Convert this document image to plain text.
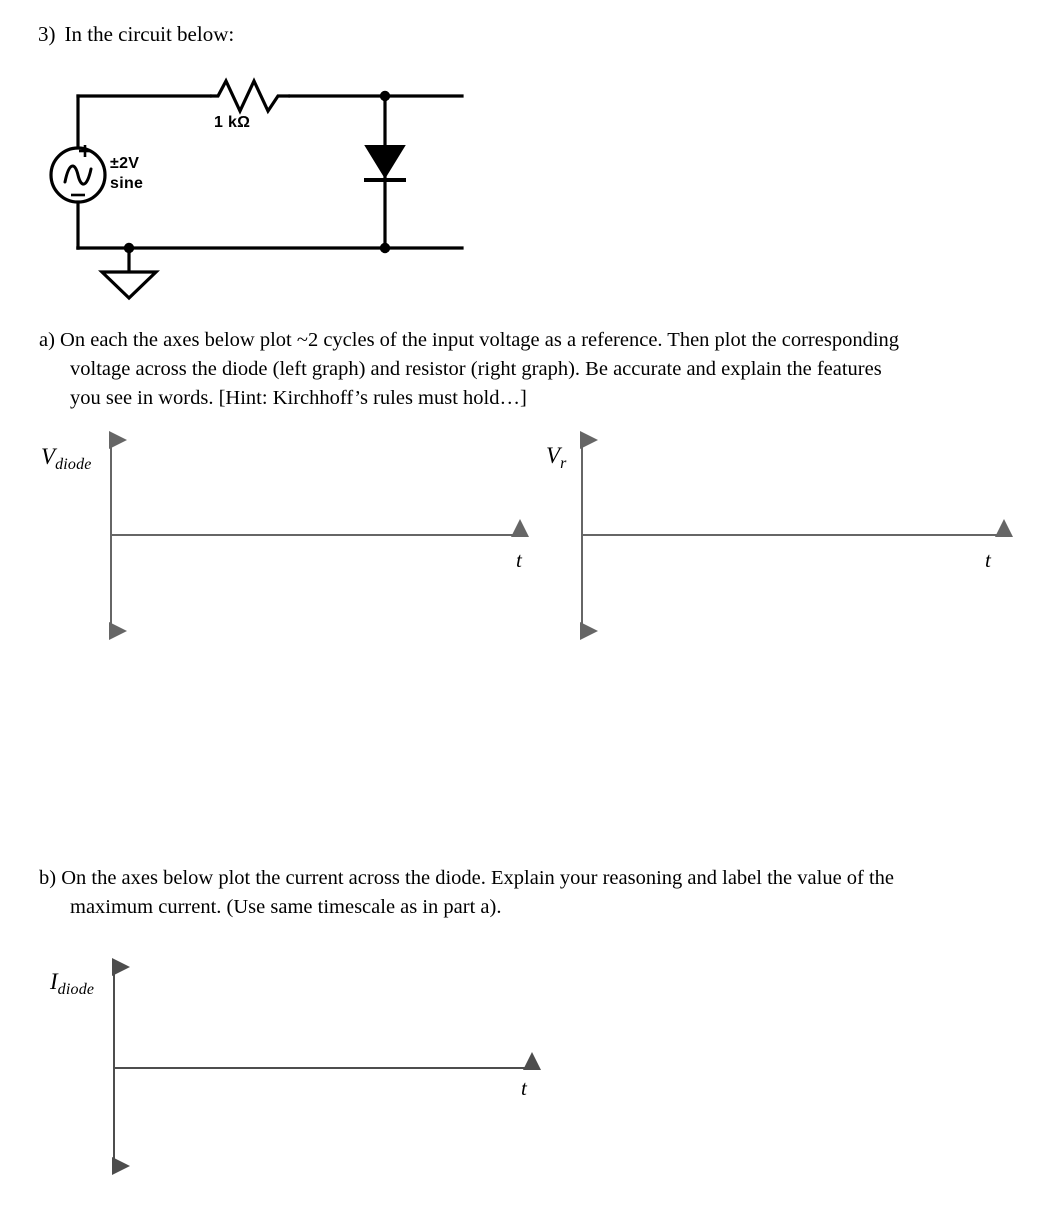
3) In the circuit below:
1 kΩ
±2V
sine
a) On each the axes below plot ~2 cycles of the input voltage as a reference. Then plot the corresponding
voltage across the diode (left graph) and resistor (right graph). Be accurate and explain the features
you see in words. [Hint: Kirchhoff’s rules must hold…]
$V_{diode}$
t
$V_r$
t
b) On the axes below plot the current across the diode. Explain your reasoning and label the value of the
maximum current. (Use same timescale as in part a).
$I_{diode}$
t
